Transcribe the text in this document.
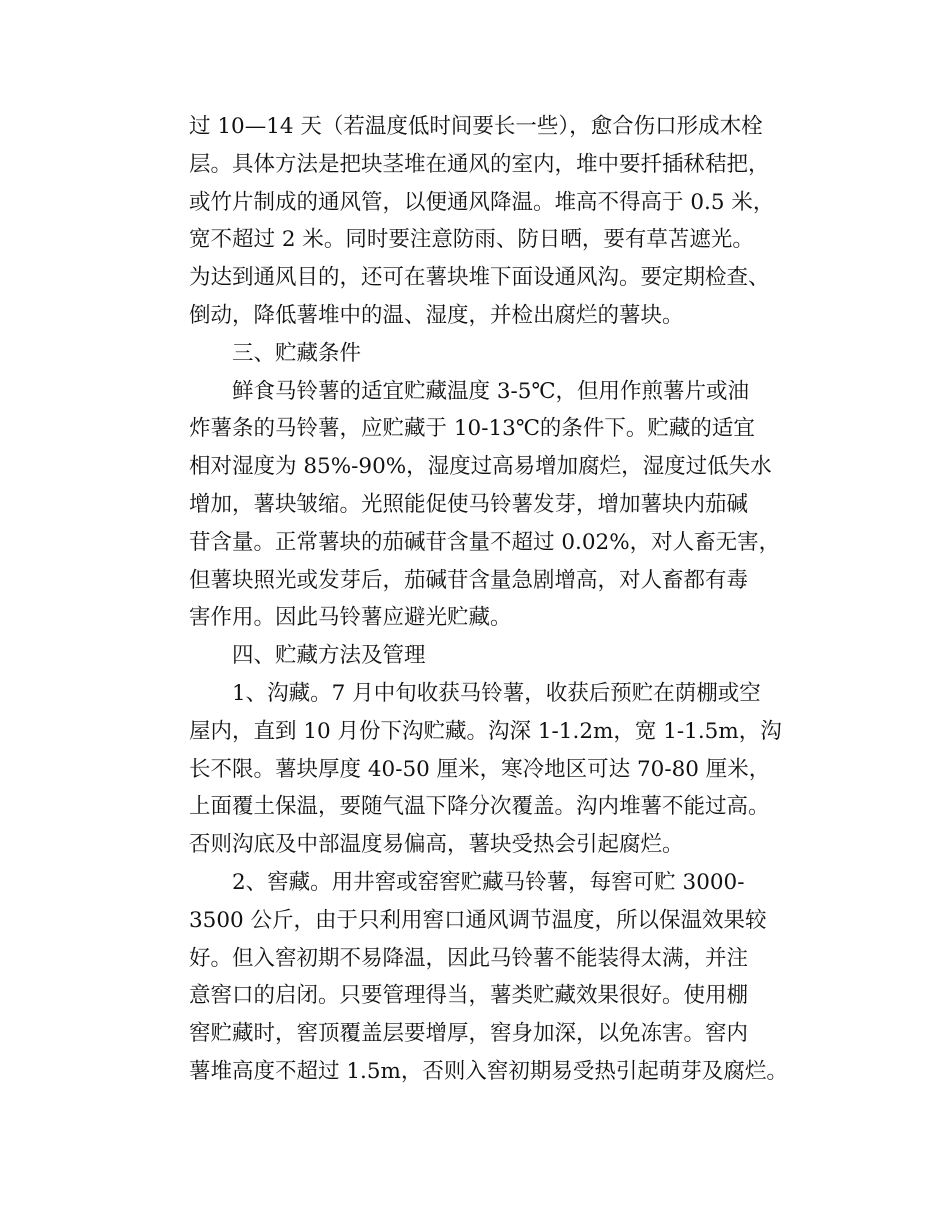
过 10—14 天（若温度低时间要长一些），愈合伤口形成木栓
层。具体方法是把块茎堆在通风的室内，堆中要扦插秫秸把，
或竹片制成的通风管，以便通风降温。堆高不得高于 0.5 米，
宽不超过 2 米。同时要注意防雨、防日晒，要有草苫遮光。
为达到通风目的，还可在薯块堆下面设通风沟。要定期检查、
倒动，降低薯堆中的温、湿度，并检出腐烂的薯块。
三、贮藏条件
鲜食马铃薯的适宜贮藏温度 3-5℃，但用作煎薯片或油
炸薯条的马铃薯，应贮藏于 10-13℃的条件下。贮藏的适宜
相对湿度为 85%-90%，湿度过高易增加腐烂，湿度过低失水
增加，薯块皱缩。光照能促使马铃薯发芽，增加薯块内茄碱
苷含量。正常薯块的茄碱苷含量不超过 0.02%，对人畜无害，
但薯块照光或发芽后，茄碱苷含量急剧增高，对人畜都有毒
害作用。因此马铃薯应避光贮藏。
四、贮藏方法及管理
1、沟藏。7 月中旬收获马铃薯，收获后预贮在荫棚或空
屋内，直到 10 月份下沟贮藏。沟深 1-1.2m，宽 1-1.5m，沟
长不限。薯块厚度 40-50 厘米，寒冷地区可达 70-80 厘米，
上面覆土保温，要随气温下降分次覆盖。沟内堆薯不能过高。
否则沟底及中部温度易偏高，薯块受热会引起腐烂。
2、窖藏。用井窖或窑窖贮藏马铃薯，每窖可贮 3000-
3500 公斤，由于只利用窖口通风调节温度，所以保温效果较
好。但入窖初期不易降温，因此马铃薯不能装得太满，并注
意窖口的启闭。只要管理得当，薯类贮藏效果很好。使用棚
窖贮藏时，窖顶覆盖层要增厚，窖身加深，以免冻害。窖内
薯堆高度不超过 1.5m，否则入窖初期易受热引起萌芽及腐烂。
